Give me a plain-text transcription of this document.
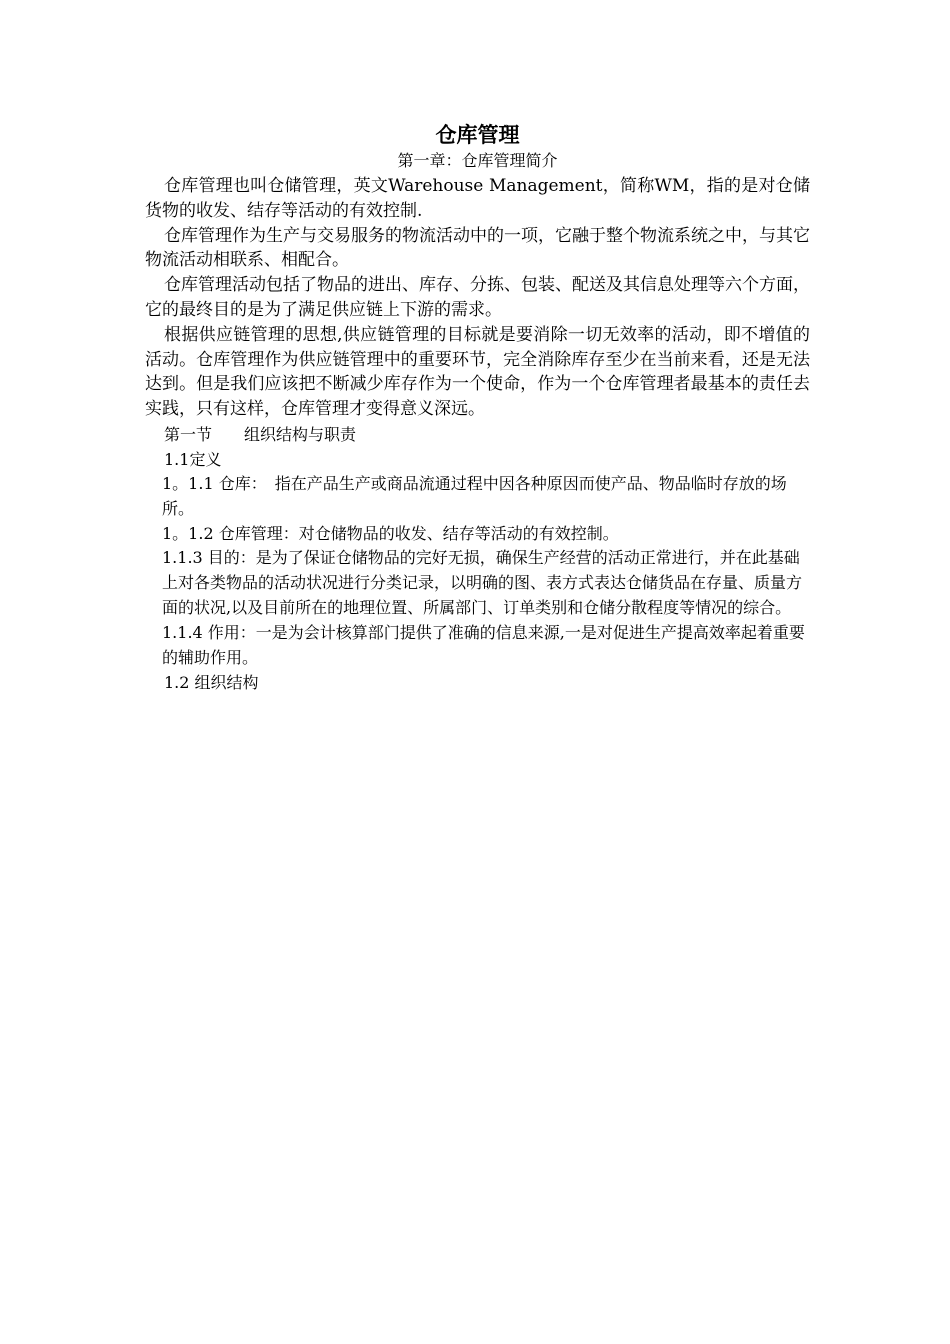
仓库管理

第一章：仓库管理简介

仓库管理也叫仓储管理，英文Warehouse Management，简称WM，指的是对仓储货物的收发、结存等活动的有效控制.

仓库管理作为生产与交易服务的物流活动中的一项，它融于整个物流系统之中，与其它物流活动相联系、相配合。

仓库管理活动包括了物品的进出、库存、分拣、包装、配送及其信息处理等六个方面，它的最终目的是为了满足供应链上下游的需求。

根据供应链管理的思想,供应链管理的目标就是要消除一切无效率的活动，即不增值的活动。仓库管理作为供应链管理中的重要环节，完全消除库存至少在当前来看，还是无法达到。但是我们应该把不断减少库存作为一个使命，作为一个仓库管理者最基本的责任去实践，只有这样，仓库管理才变得意义深远。

第一节　　组织结构与职责

1.1定义

1。1.1 仓库：　指在产品生产或商品流通过程中因各种原因而使产品、物品临时存放的场所。

1。1.2 仓库管理：对仓储物品的收发、结存等活动的有效控制。

1.1.3 目的：是为了保证仓储物品的完好无损，确保生产经营的活动正常进行，并在此基础上对各类物品的活动状况进行分类记录，以明确的图、表方式表达仓储货品在存量、质量方面的状况,以及目前所在的地理位置、所属部门、订单类别和仓储分散程度等情况的综合。

1.1.4 作用：一是为会计核算部门提供了准确的信息来源,一是对促进生产提高效率起着重要的辅助作用。

1.2 组织结构
